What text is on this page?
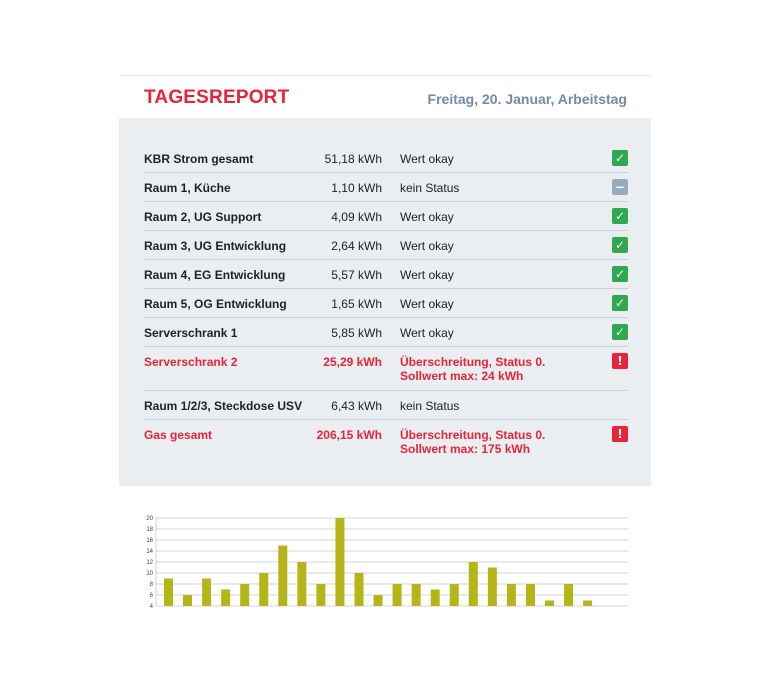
TAGESREPORT	Freitag, 20. Januar, Arbeitstag
KBR Strom gesamt	51,18 kWh Wert okay	✓
Raum 1, Küche	1,10 kWh kein Status	−
Raum 2, UG Support	4,09 kWh Wert okay	✓
Raum 3, UG Entwicklung	2,64 kWh Wert okay	✓
Raum 4, EG Entwicklung	5,57 kWh Wert okay	✓
Raum 5, OG Entwicklung	1,65 kWh Wert okay	✓
Serverschrank 1	5,85 kWh Wert okay	✓
Serverschrank 2	25,29 kWh Überschreitung, Status 0.
Sollwert max: 24 kWh
!
Raum 1/2/3, Steckdose USV 6,43 kWh kein Status
Gas gesamt	206,15 kWh Überschreitung, Status 0.
Sollwert max: 175 kWh
!
4
6
8
10
12
14
16
18
20
